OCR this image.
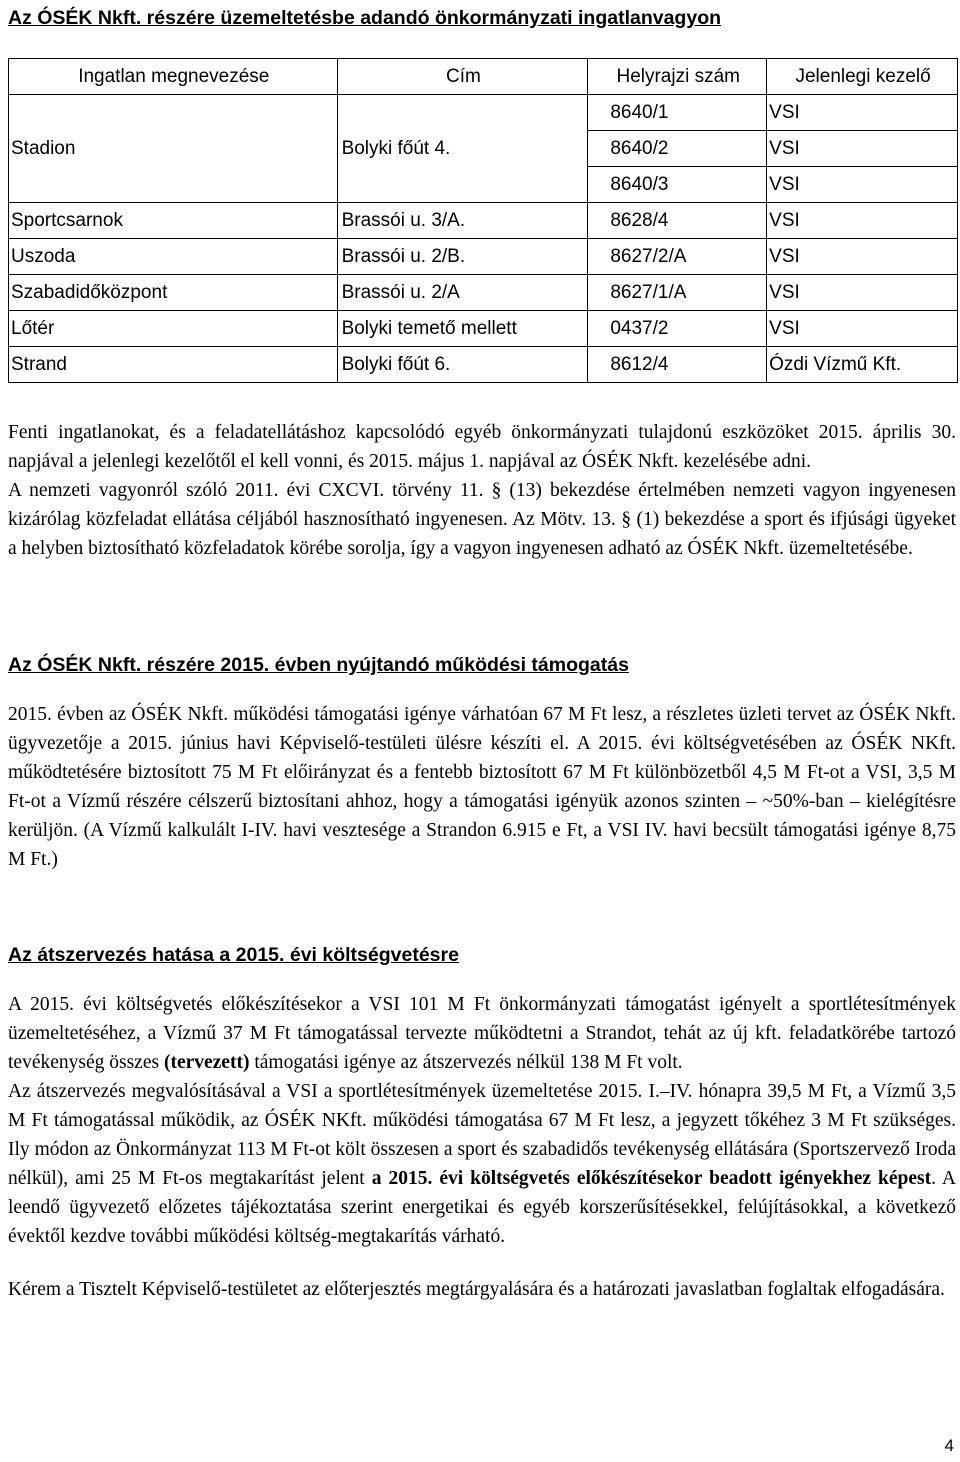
Az ÓSÉK Nkft. részére üzemeltetésbe adandó önkormányzati ingatlanvagyon
Ingatlan megnevezése	Cím	Helyrajzi szám	Jelenlegi kezelő
Stadion	Bolyki főút 4.	8640/1	VSI
		8640/2	VSI
		8640/3	VSI
Sportcsarnok	Brassói u. 3/A.	8628/4	VSI
Uszoda	Brassói u. 2/B.	8627/2/A	VSI
Szabadidőközpont	Brassói u. 2/A	8627/1/A	VSI
Lőtér	Bolyki temető mellett	0437/2	VSI
Strand	Bolyki főút 6.	8612/4	Ózdi Vízmű Kft.

Fenti ingatlanokat, és a feladatellátáshoz kapcsolódó egyéb önkormányzati tulajdonú eszközöket 2015. április 30. napjával a jelenlegi kezelőtől el kell vonni, és 2015. május 1. napjával az ÓSÉK Nkft. kezelésébe adni.

A nemzeti vagyonról szóló 2011. évi CXCVI. törvény 11. § (13) bekezdése értelmében nemzeti vagyon ingyenesen kizárólag közfeladat ellátása céljából hasznosítható ingyenesen. Az Mötv. 13. § (1) bekezdése a sport és ifjúsági ügyeket a helyben biztosítható közfeladatok körébe sorolja, így a vagyon ingyenesen adható az ÓSÉK Nkft. üzemeltetésébe.

Az ÓSÉK Nkft. részére 2015. évben nyújtandó működési támogatás

2015. évben az ÓSÉK Nkft. működési támogatási igénye várhatóan 67 M Ft lesz, a részletes üzleti tervet az ÓSÉK Nkft. ügyvezetője a 2015. június havi Képviselő-testületi ülésre készíti el. A 2015. évi költségvetésében az ÓSÉK NKft. működtetésére biztosított 75 M Ft előirányzat és a fentebb biztosított 67 M Ft különbözetből 4,5 M Ft-ot a VSI, 3,5 M Ft-ot a Vízmű részére célszerű biztosítani ahhoz, hogy a támogatási igényük azonos szinten – ~50%-ban – kielégítésre kerüljön. (A Vízmű kalkulált I-IV. havi vesztesége a Strandon 6.915 e Ft, a VSI IV. havi becsült támogatási igénye 8,75 M Ft.)

Az átszervezés hatása a 2015. évi költségvetésre

A 2015. évi költségvetés előkészítésekor a VSI 101 M Ft önkormányzati támogatást igényelt a sportlétesítmények üzemeltetéséhez, a Vízmű 37 M Ft támogatással tervezte működtetni a Strandot, tehát az új kft. feladatkörébe tartozó tevékenység összes (tervezett) támogatási igénye az átszervezés nélkül 138 M Ft volt.

Az átszervezés megvalósításával a VSI a sportlétesítmények üzemeltetése 2015. I.–IV. hónapra 39,5 M Ft, a Vízmű 3,5 M Ft támogatással működik, az ÓSÉK NKft. működési támogatása 67 M Ft lesz, a jegyzett tőkéhez 3 M Ft szükséges. Ily módon az Önkormányzat 113 M Ft-ot költ összesen a sport és szabadidős tevékenység ellátására (Sportszervező Iroda nélkül), ami 25 M Ft-os megtakarítást jelent a 2015. évi költségvetés előkészítésekor beadott igényekhez képest. A leendő ügyvezető előzetes tájékoztatása szerint energetikai és egyéb korszerűsítésekkel, felújításokkal, a következő évektől kezdve további működési költség-megtakarítás várható.

Kérem a Tisztelt Képviselő-testületet az előterjesztés megtárgyalására és a határozati javaslatban foglaltak elfogadására.

4
